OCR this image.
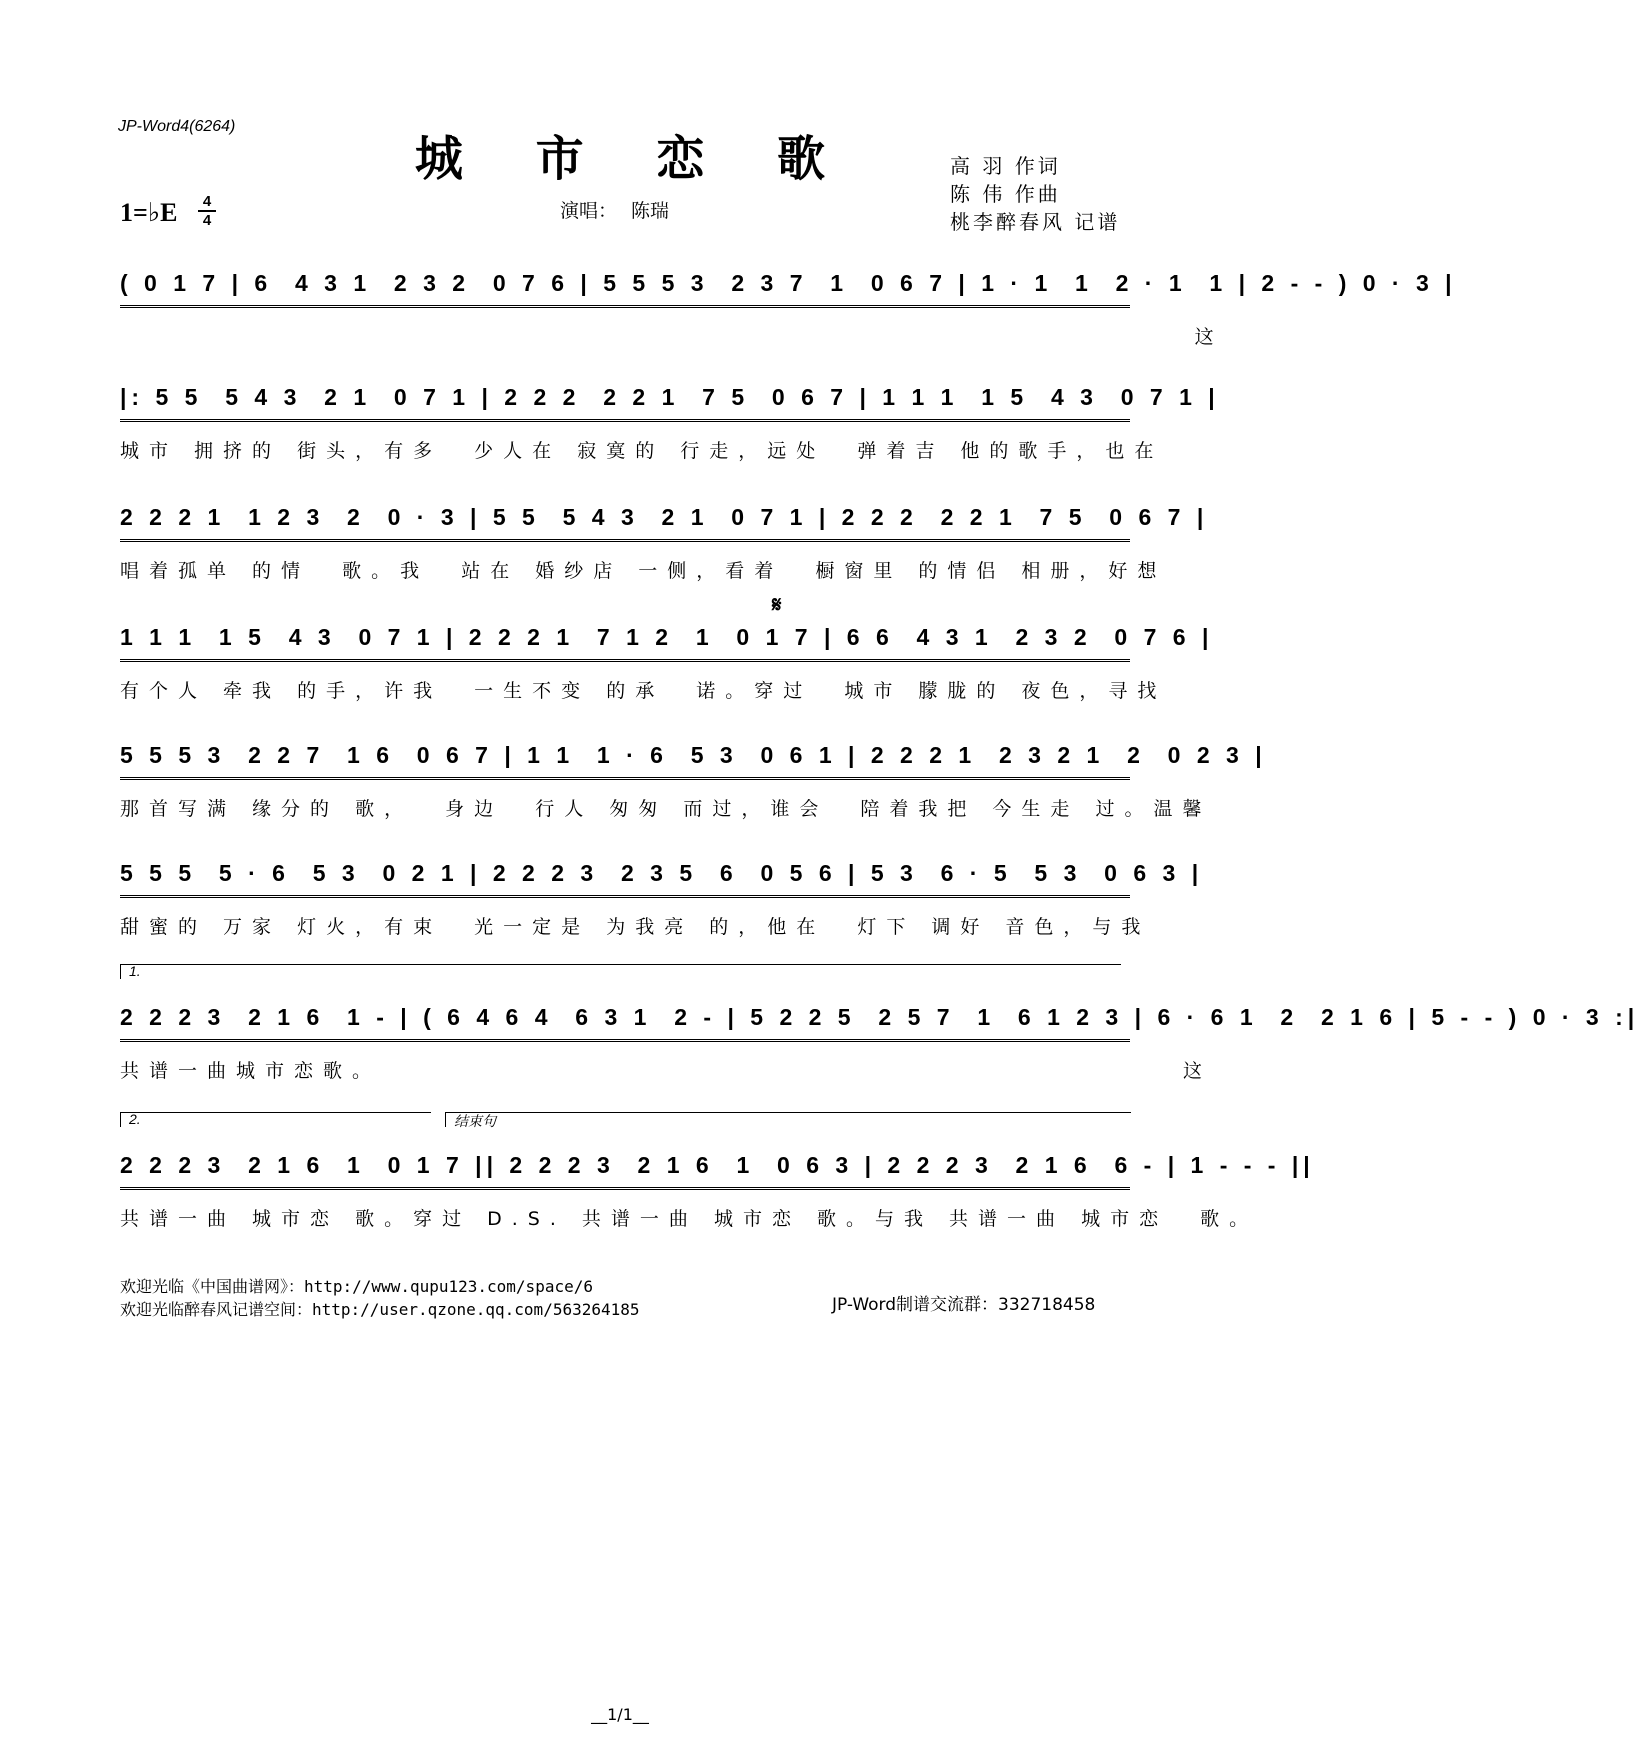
JP-Word4(6264)
城 市 恋 歌	高 羽 作词
陈 伟 作曲
桃李醉春风 记谱
1=♭E	4
4	演唱： 陈瑞
𝄋
( 0 1 7 | 6  4 3 1  2 3 2  0 7 6 | 5 5 5 3  2 3 7  1  0 6 7 | 1 · 1  1  2 · 1  1 | 2 - - ) 0 · 3 |
这
|: 5 5  5 4 3  2 1  0 7 1 | 2 2 2  2 2 1  7 5  0 6 7 | 1 1 1  1 5  4 3  0 7 1 |
城市 拥挤的 街头，有多  少人在 寂寞的 行走，远处  弹着吉 他的歌手，也在
2 2 2 1  1 2 3  2  0 · 3 | 5 5  5 4 3  2 1  0 7 1 | 2 2 2  2 2 1  7 5  0 6 7 |
唱着孤单 的情  歌。我  站在 婚纱店 一侧，看着  橱窗里 的情侣 相册，好想
1 1 1  1 5  4 3  0 7 1 | 2 2 2 1  7 1 2  1  0 1 7 | 6 6  4 3 1  2 3 2  0 7 6 |
有个人 牵我 的手，许我  一生不变 的承  诺。穿过  城市 朦胧的 夜色，寻找
5 5 5 3  2 2 7  1 6  0 6 7 | 1 1  1 · 6  5 3  0 6 1 | 2 2 2 1  2 3 2 1  2  0 2 3 |
那首写满 缘分的 歌，  身边  行人 匆匆 而过，谁会  陪着我把 今生走 过。温馨
5 5 5  5 · 6  5 3  0 2 1 | 2 2 2 3  2 3 5  6  0 5 6 | 5 3  6 · 5  5 3  0 6 3 |
甜蜜的 万家 灯火，有束  光一定是 为我亮 的，他在  灯下 调好 音色，与我
1.
2 2 2 3  2 1 6  1 - | ( 6 4 6 4  6 3 1  2 - | 5 2 2 5  2 5 7  1  6 1 2 3 | 6 · 6 1  2  2 1 6 | 5 - - ) 0 · 3 :|
共谱一曲城市恋歌。                                                  这
2.	结束句
2 2 2 3  2 1 6  1  0 1 7 || 2 2 2 3  2 1 6  1  0 6 3 | 2 2 2 3  2 1 6  6 - | 1 - - - ||
共谱一曲 城市恋 歌。穿过 D.S. 共谱一曲 城市恋 歌。与我 共谱一曲 城市恋  歌。
欢迎光临《中国曲谱网》：http://www.qupu123.com/space/6
欢迎光临醉春风记谱空间：http://user.qzone.qq.com/563264185	JP-Word制谱交流群：332718458
__1/1__
